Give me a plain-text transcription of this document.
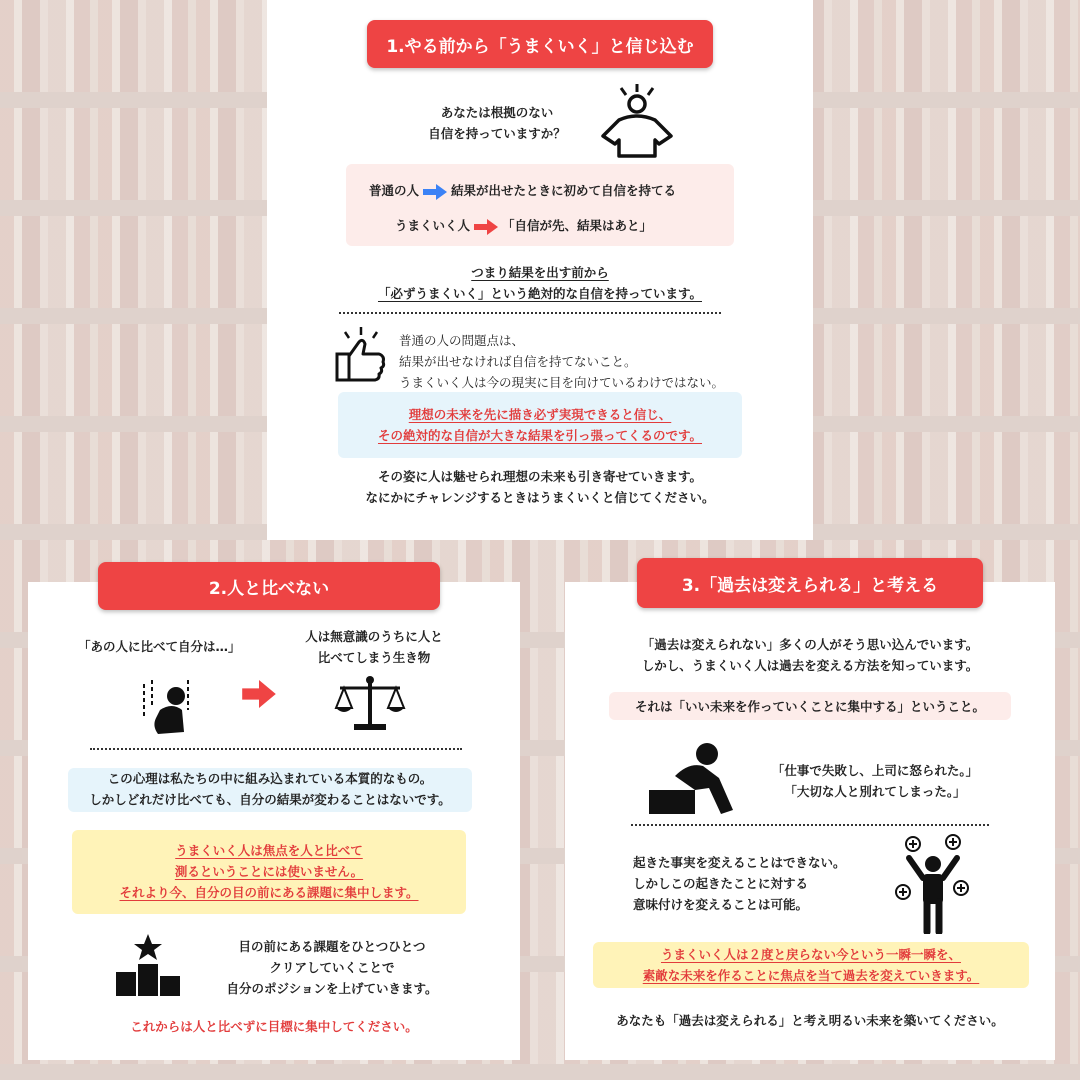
1.やる前から「うまくいく」と信じ込む
あなたは根拠のない
自信を持っていますか？
普通の人	結果が出せたときに初めて自信を持てる
うまくいく人	「自信が先、結果はあと」
つまり結果を出す前から
「必ずうまくいく」という絶対的な自信を持っています。
普通の人の問題点は、
結果が出せなければ自信を持てないこと。
うまくいく人は今の現実に目を向けているわけではない。
理想の未来を先に描き必ず実現できると信じ、
その絶対的な自信が大きな結果を引っ張ってくるのです。
その姿に人は魅せられ理想の未来も引き寄せていきます。
なにかにチャレンジするときはうまくいくと信じてください。
2.人と比べない
「あの人に比べて自分は…」
人は無意識のうちに人と
比べてしまう生き物
この心理は私たちの中に組み込まれている本質的なもの。
しかしどれだけ比べても、自分の結果が変わることはないです。
うまくいく人は焦点を人と比べて
測るということには使いません。
それより今、自分の目の前にある課題に集中します。
目の前にある課題をひとつひとつ
クリアしていくことで
自分のポジションを上げていきます。
これからは人と比べずに目標に集中してください。
3.「過去は変えられる」と考える
「過去は変えられない」多くの人がそう思い込んでいます。
しかし、うまくいく人は過去を変える方法を知っています。
それは「いい未来を作っていくことに集中する」ということ。
「仕事で失敗し、上司に怒られた。」
「大切な人と別れてしまった。」
起きた事実を変えることはできない。
しかしこの起きたことに対する
意味付けを変えることは可能。
うまくいく人は２度と戻らない今という一瞬一瞬を、
素敵な未来を作ることに焦点を当て過去を変えていきます。
あなたも「過去は変えられる」と考え明るい未来を築いてください。
